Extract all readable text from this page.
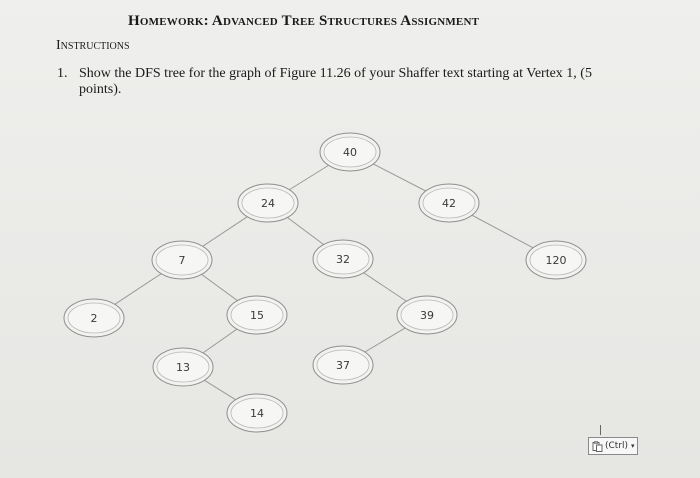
Homework: Advanced Tree Structures Assignment
Instructions
1. Show the DFS tree for the graph of Figure 11.26 of your Shaffer text starting at Vertex 1, (5
points).
40
24	42
7	32	120
2	15	39
13	37
14
(Ctrl) ▾
